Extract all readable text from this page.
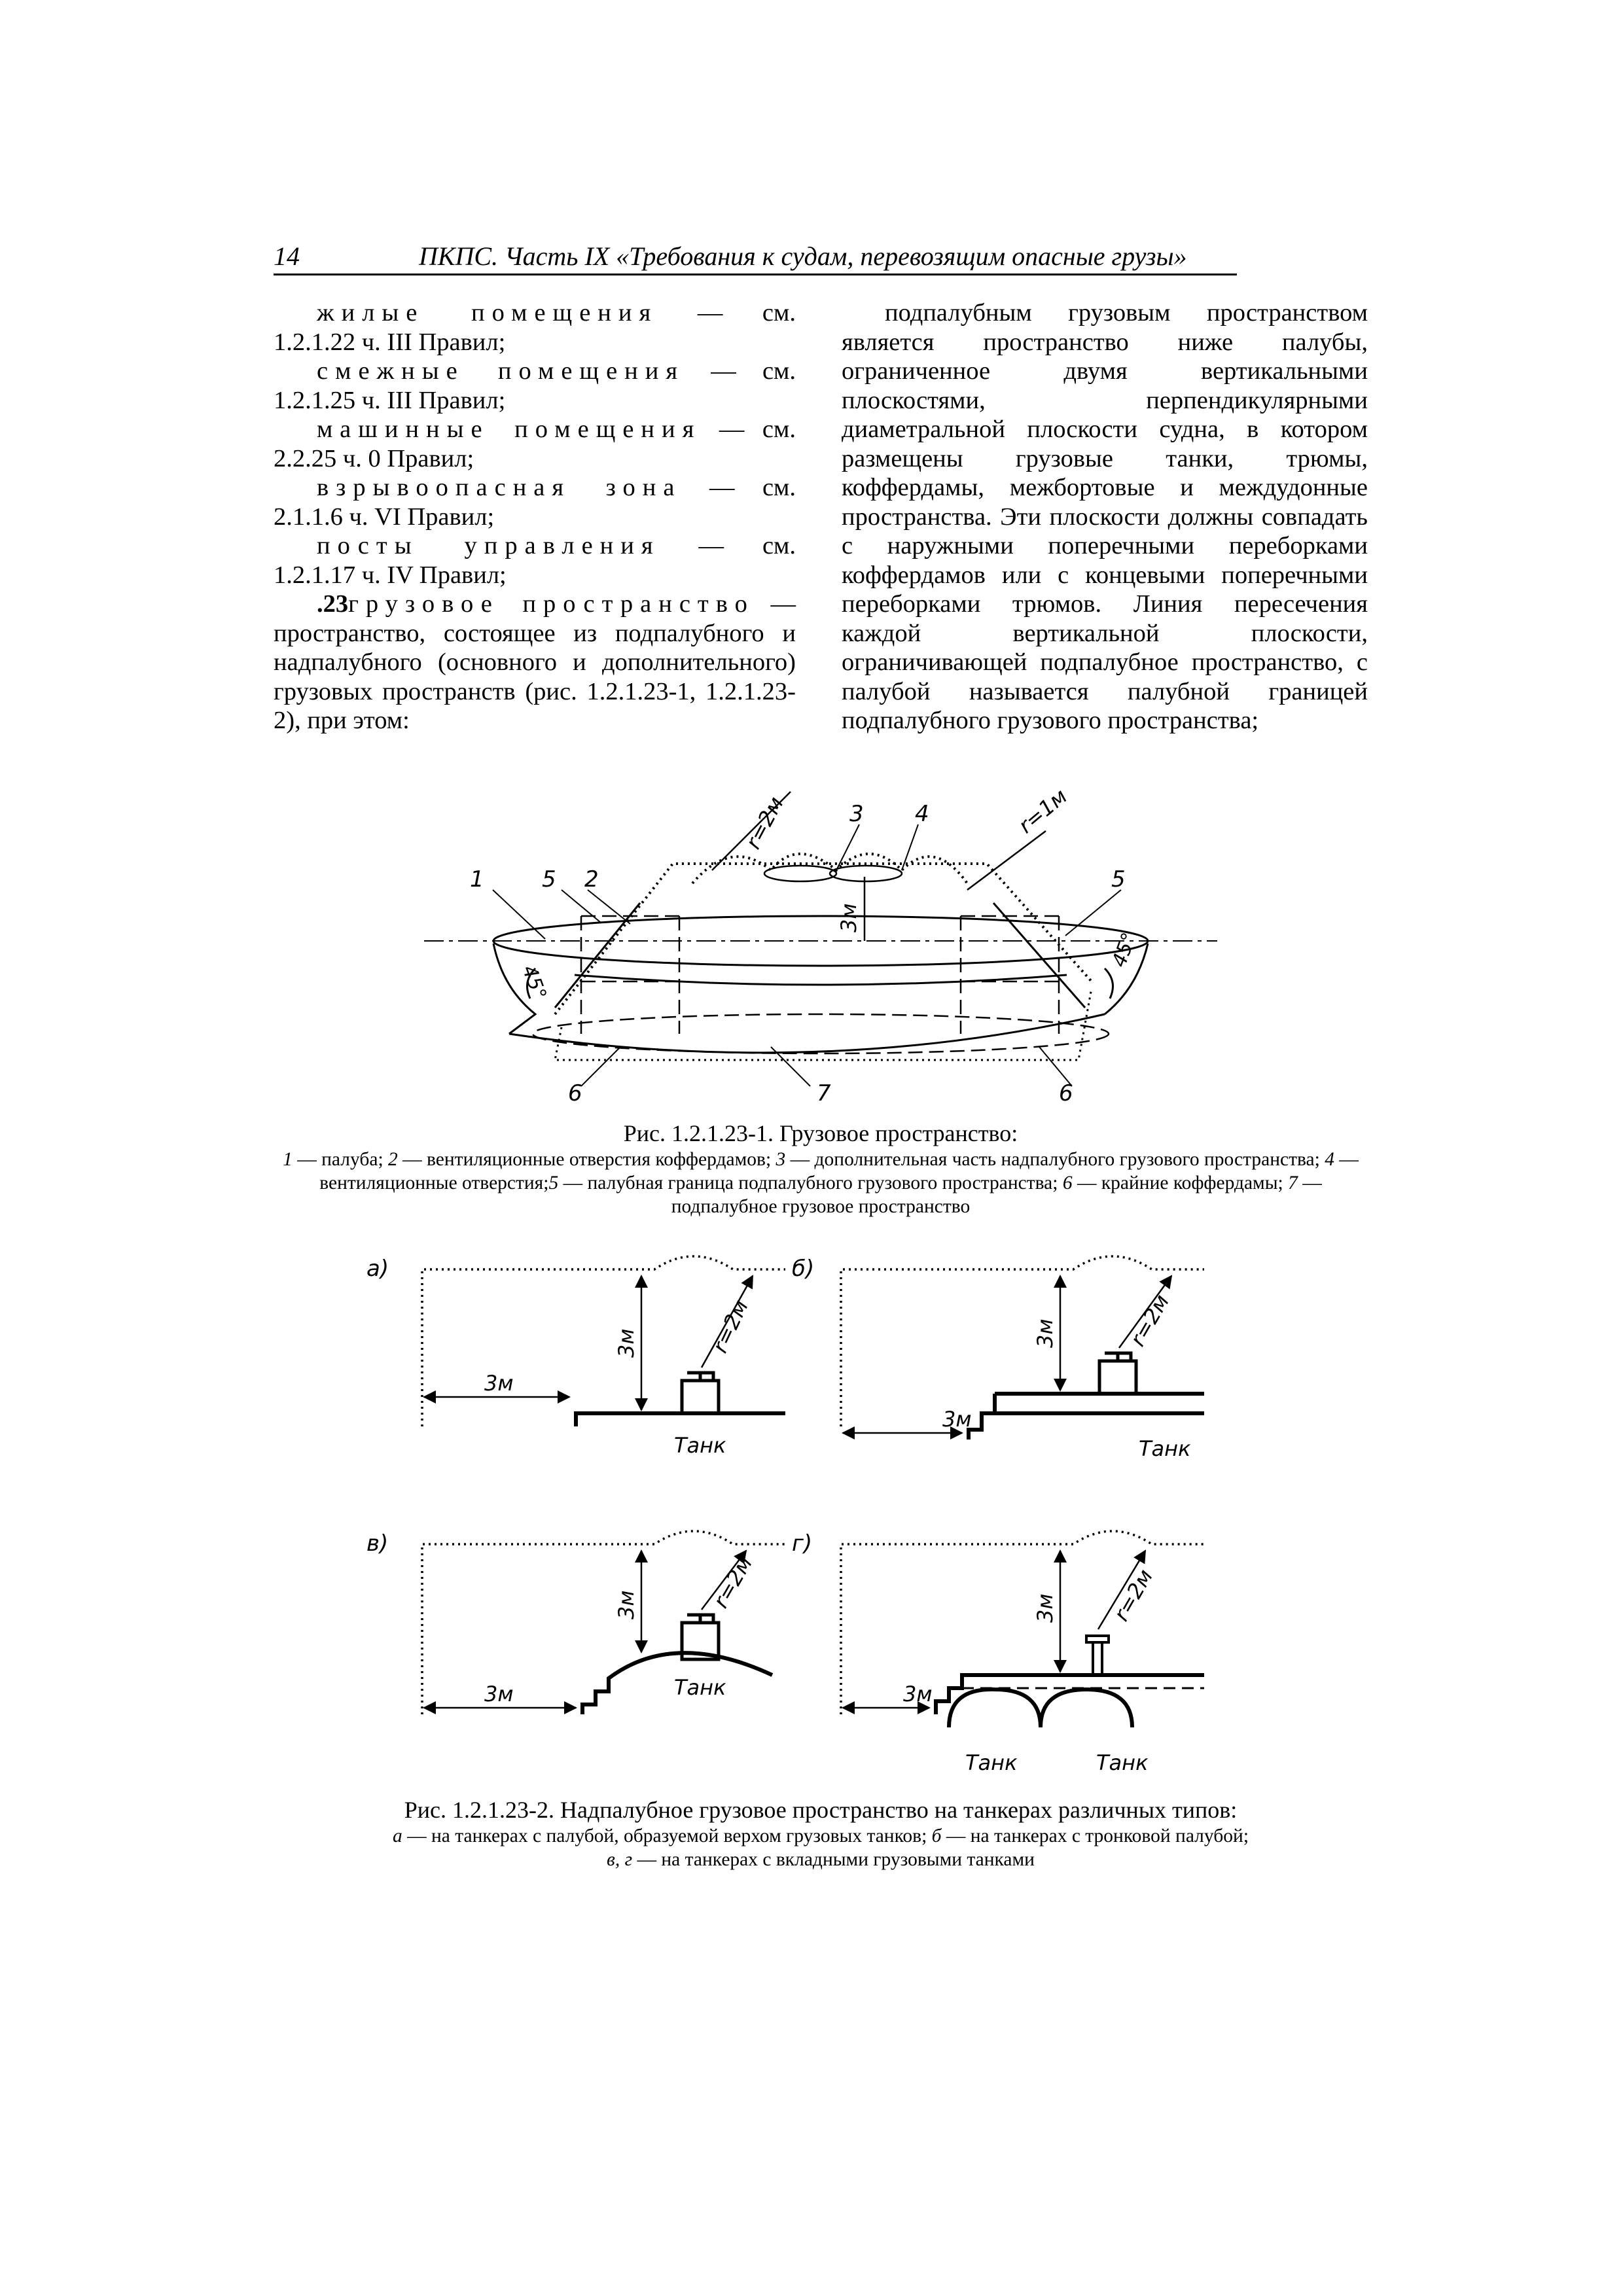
14	ПКПС. Часть IX «Требования к судам, перевозящим опасные грузы»

жилые помещения — см.

1.2.1.22 ч. III Правил;

смежные помещения — см.

1.2.1.25 ч. III Правил;

машинные помещения — см.

2.2.25 ч. 0 Правил;

взрывоопасная зона — см.

2.1.1.6 ч. VI Правил;

посты управления — см.

1.2.1.17 ч. IV Правил;

.23грузовое пространство — пространство, состоящее из подпалубного и надпалубного (основного и дополнительного) грузовых пространств (рис. 1.2.1.23-1, 1.2.1.23-2), при этом:

подпалубным грузовым пространством является пространство ниже палубы, ограниченное двумя вертикальными плоскостями, перпендикулярными диаметральной плоскости судна, в котором размещены грузовые танки, трюмы, коффердамы, межбортовые и междудонные пространства. Эти плоскости должны совпадать с наружными поперечными переборками коффердамов или с концевыми поперечными переборками трюмов. Линия пересечения каждой вертикальной плоскости, ограничивающей подпалубное пространство, с палубой называется палубной границей подпалубного грузового пространства;

1	5 2
3 4
5
6	6
7
r=2м	r=1м
3м
45°
45°
Рис. 1.2.1.23-1. Грузовое пространство:
1 — палуба; 2 — вентиляционные отверстия коффердамов; 3 — дополнительная часть надпалубного грузового пространства; 4 — вентиляционные отверстия;5 — палубная граница подпалубного грузового пространства; 6 — крайние коффердамы; 7 — подпалубное грузовое пространство
а)
3м	r=2м
3м
Танк
б)
3м	r=2м
3м
Танк
в)
3м	r=2м
3м	Танк
г)
3м r=2м
3м
Танк	Танк
Рис. 1.2.1.23-2. Надпалубное грузовое пространство на танкерах различных типов:
а — на танкерах с палубой, образуемой верхом грузовых танков; б — на танкерах с тронковой палубой;
в, г — на танкерах с вкладными грузовыми танками
